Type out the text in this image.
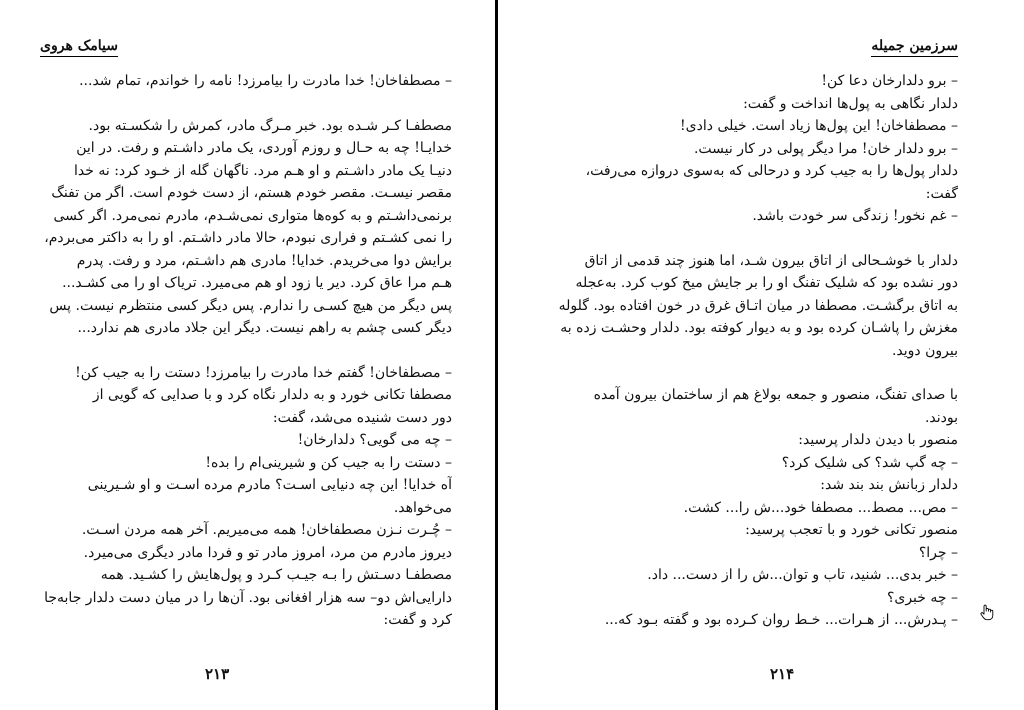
سیامک هروی
– مصطفاخان! خدا مادرت را بیامرزد! نامه را خواندم، تمام شد...
مصطفـا کـر شـده بود. خبر مـرگ مادر، کمرش را شکسـته بود.
خدایـا! چه به حـال و روزم آوردی، یک مادر داشـتم و رفت. در این
دنیـا یک مادر داشـتم و او هـم مرد. ناگهان گله از خـود کرد: نه خدا
مقصر نیسـت. مقصر خودم هستم، از دست خودم است. اگر من تفنگ
برنمی‌داشـتم و به کوه‌ها متواری نمی‌شـدم، مادرم نمی‌مرد. اگر کسی
را نمی کشـتم و فراری نبودم، حالا مادر داشـتم. او را به داکتر می‌بردم،
برایش دوا می‌خریدم. خدایا! مادری هم داشـتم، مرد و رفت. پدرم
هـم مرا عاق کرد. دیر یا زود او هم می‌میرد. تریاک او را می کشـد...
پس دیگر من هیچ کسـی را ندارم. پس دیگر کسی منتظرم نیست. پس
دیگر کسی چشم به راهم نیست. دیگر این جلاد مادری هم ندارد...
– مصطفاخان! گفتم خدا مادرت را بیامرزد! دستت را به جیب کن!
مصطفا تکانی خورد و به دلدار نگاه کرد و با صدایی که گویی از
دور دست شنیده می‌شد، گفت:
– چه می گویی؟ دلدارخان!
– دستت را به جیب کن و شیرینی‌ام را بده!
آه خدایا! این چه دنیایی اسـت؟ مادرم مرده اسـت و او شـیرینی
می‌خواهد.
– چُـرت نـزن مصطفاخان! همه می‌میریم. آخر همه مردن اسـت.
دیروز مادرم من مرد، امروز مادر تو و فردا مادر دیگری می‌میرد.
مصطفـا دسـتش را بـه جیـب کـرد و پول‌هایش را کشـید. همه
دارایی‌اش دو– سه هزار افغانی بود. آن‌ها را در میان دست دلدار جابه‌جا
کرد و گفت:
۲۱۳
سرزمین جمیله
– برو دلدارخان دعا کن!
دلدار نگاهی به پول‌ها انداخت و گفت:
– مصطفاخان! این پول‌ها زیاد است. خیلی دادی!
– برو دلدار خان! مرا دیگر پولی در کار نیست.
دلدار پول‌ها را به جیب کرد و درحالی که به‌سوی دروازه می‌رفت،
گفت:
– غم نخور! زندگی سر خودت باشد.
دلدار با خوشـحالی از اتاق بیرون شـد، اما هنوز چند قدمی از اتاق
دور نشده بود که شلیک تفنگ او را بر جایش میخ کوب کرد. به‌عجله
به اتاق برگشـت. مصطفا در میان اتـاق غرق در خون افتاده بود. گلوله
مغزش را پاشـان کرده بود و به دیوار کوفته بود. دلدار وحشـت زده به
بیرون دوید.
با صدای تفنگ، منصور و جمعه بولاغ هم از ساختمان بیرون آمده
بودند.
منصور با دیدن دلدار پرسید:
– چه گپ شد؟ کی شلیک کرد؟
دلدار زبانش بند بند شد:
– مص... مصط... مصطفا خود...ش را... کشت.
منصور تکانی خورد و با تعجب پرسید:
– چرا؟
– خبر بدی... شنید، تاب و توان...ش را از دست... داد.
– چه خبری؟
– پـدرش... از هـرات... خـط روان کـرده بود و گفته بـود که...
۲۱۴
